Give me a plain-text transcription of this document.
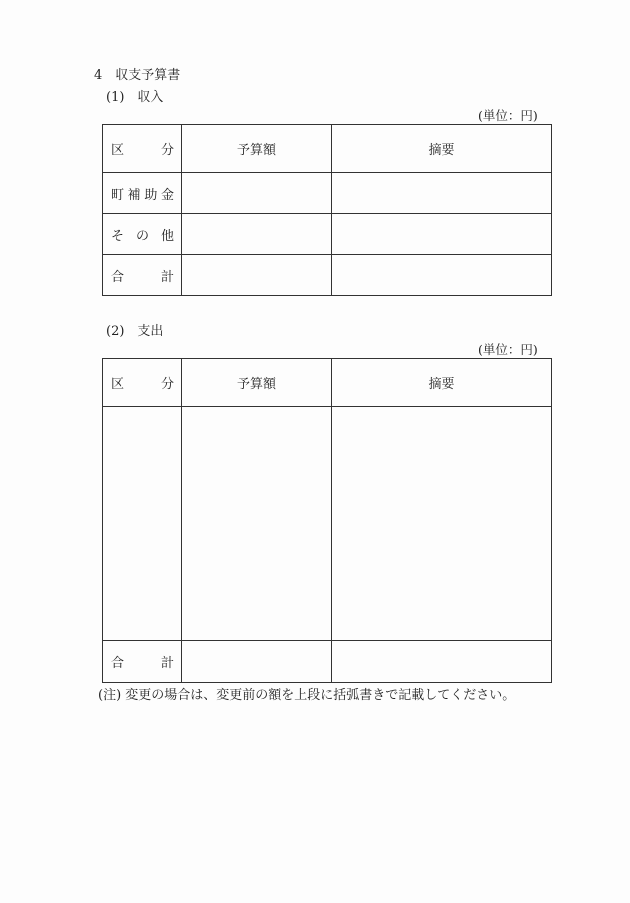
4　収支予算書
(1)　収入
(単位：円)
区 分	予算額	摘要

町 補 助 金		

そ の 他		

合 計		

(2)　支出
(単位：円)
区 分	予算額	摘要

合 計		

(注) 変更の場合は、変更前の額を上段に括弧書きで記載してください。
